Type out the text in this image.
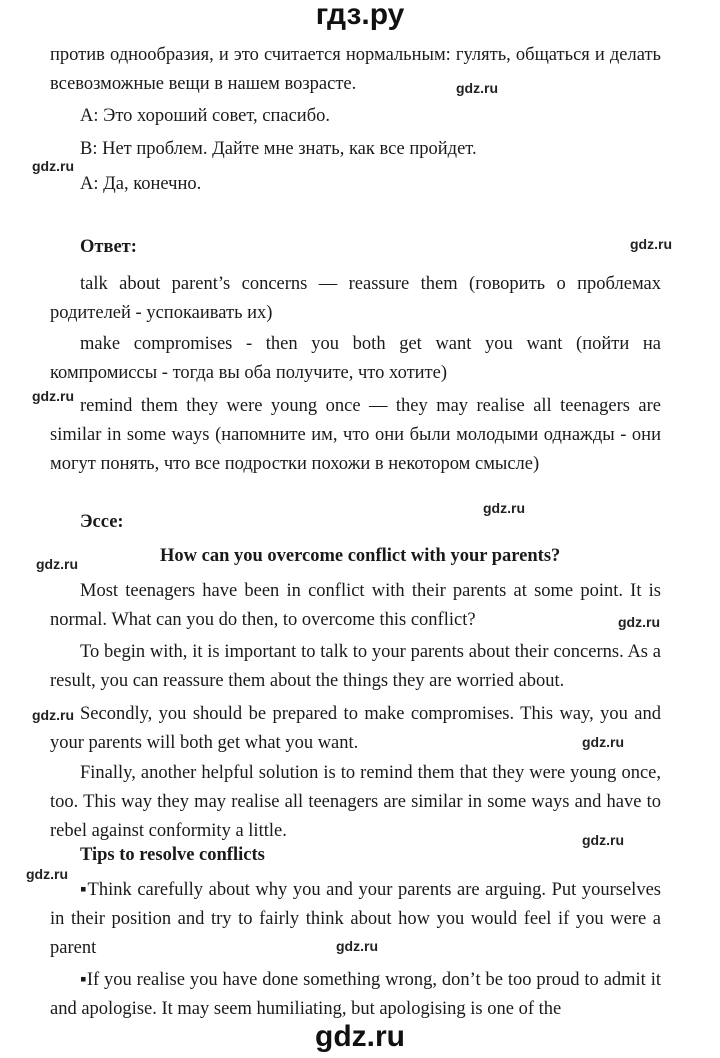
гдз.ру

против однообразия, и это считается нормальным: гулять, общаться и делать всевозможные вещи в нашем возрасте.

А: Это хороший совет, спасибо.

В: Нет проблем. Дайте мне знать, как все пройдет.

А: Да, конечно.

Ответ:

talk about parent’s concerns — reassure them (говорить о проблемах родителей - успокаивать их)

make compromises - then you both get want you want (пойти на компромиссы - тогда вы оба получите, что хотите)

remind them they were young once — they may realise all teenagers are similar in some ways (напомните им, что они были молодыми однажды - они могут понять, что все подростки похожи в некотором смысле)

Эссе:

How can you overcome conflict with your parents?

Most teenagers have been in conflict with their parents at some point. It is normal. What can you do then, to overcome this conflict?

To begin with, it is important to talk to your parents about their concerns. As a result, you can reassure them about the things they are worried about.

Secondly, you should be prepared to make compromises. This way, you and your parents will both get what you want.

Finally, another helpful solution is to remind them that they were young once, too. This way they may realise all teenagers are similar in some ways and have to rebel against conformity a little.

Tips to resolve conflicts

▪Think carefully about why you and your parents are arguing. Put yourselves in their position and try to fairly think about how you would feel if you were a parent

▪If you realise you have done something wrong, don’t be too proud to admit it and apologise. It may seem humiliating, but apologising is one of the

gdz.ru
gdz.ru
gdz.ru
gdz.ru
gdz.ru
gdz.ru
gdz.ru
gdz.ru
gdz.ru
gdz.ru
gdz.ru
gdz.ru
gdz.ru
